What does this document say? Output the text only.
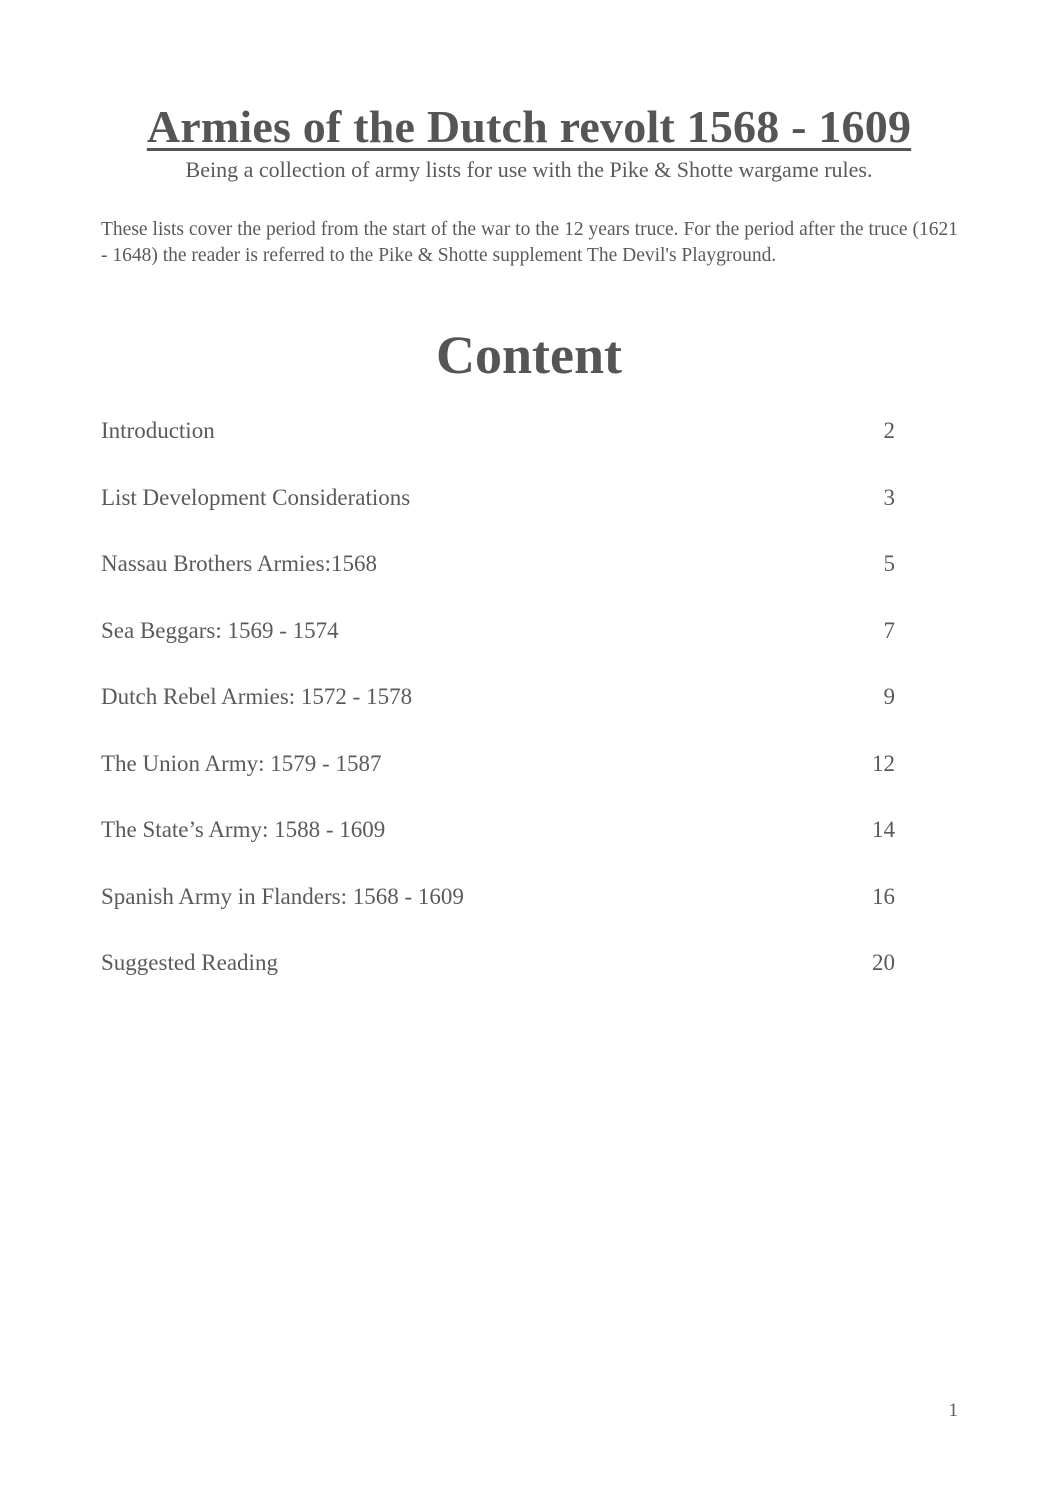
Armies of the Dutch revolt 1568 - 1609
Being a collection of army lists for use with the Pike & Shotte wargame rules.
These lists cover the period from the start of the war to the 12 years truce. For the period after the truce (1621 - 1648) the reader is referred to the Pike & Shotte supplement The Devil's Playground.
Content
Introduction	2
List Development Considerations	3
Nassau Brothers Armies:1568	5
Sea Beggars: 1569 - 1574	7
Dutch Rebel Armies: 1572 - 1578	9
The Union Army: 1579 - 1587	12
The State’s Army: 1588 - 1609	14
Spanish Army in Flanders: 1568 - 1609	16
Suggested Reading	20
1
